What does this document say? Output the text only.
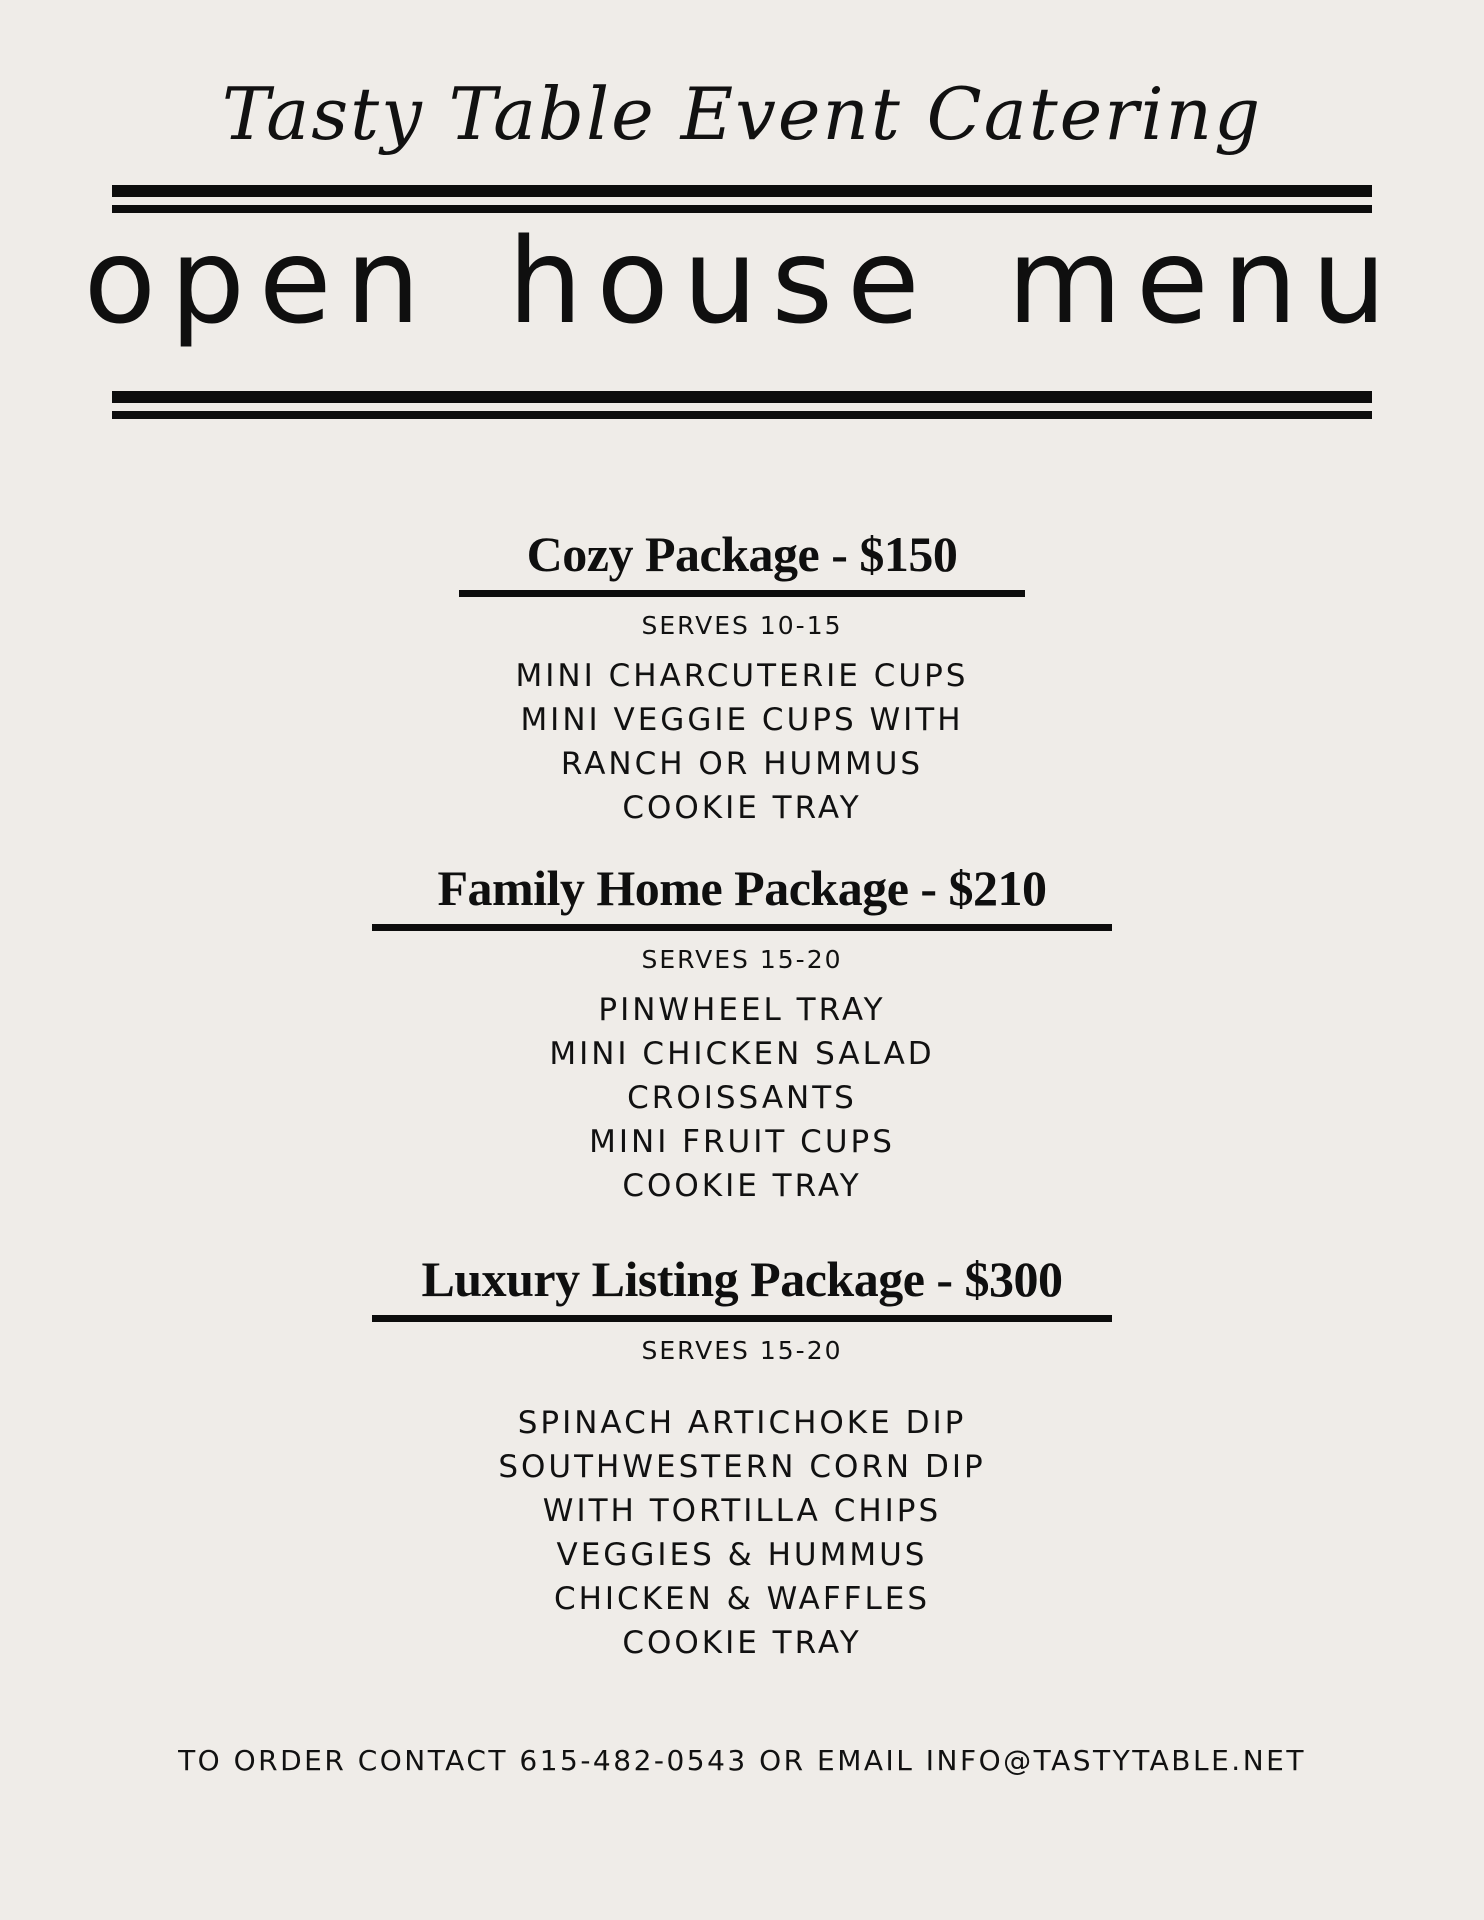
Tasty Table Event Catering
open house menu
Cozy Package - $150
SERVES 10-15
MINI CHARCUTERIE CUPS
MINI VEGGIE CUPS WITH
RANCH OR HUMMUS
COOKIE TRAY
Family Home Package - $210
SERVES 15-20
PINWHEEL TRAY
MINI CHICKEN SALAD
CROISSANTS
MINI FRUIT CUPS
COOKIE TRAY
Luxury Listing Package - $300
SERVES 15-20
SPINACH ARTICHOKE DIP
SOUTHWESTERN CORN DIP
WITH TORTILLA CHIPS
VEGGIES & HUMMUS
CHICKEN & WAFFLES
COOKIE TRAY
TO ORDER CONTACT 615-482-0543 OR EMAIL INFO@TASTYTABLE.NET
